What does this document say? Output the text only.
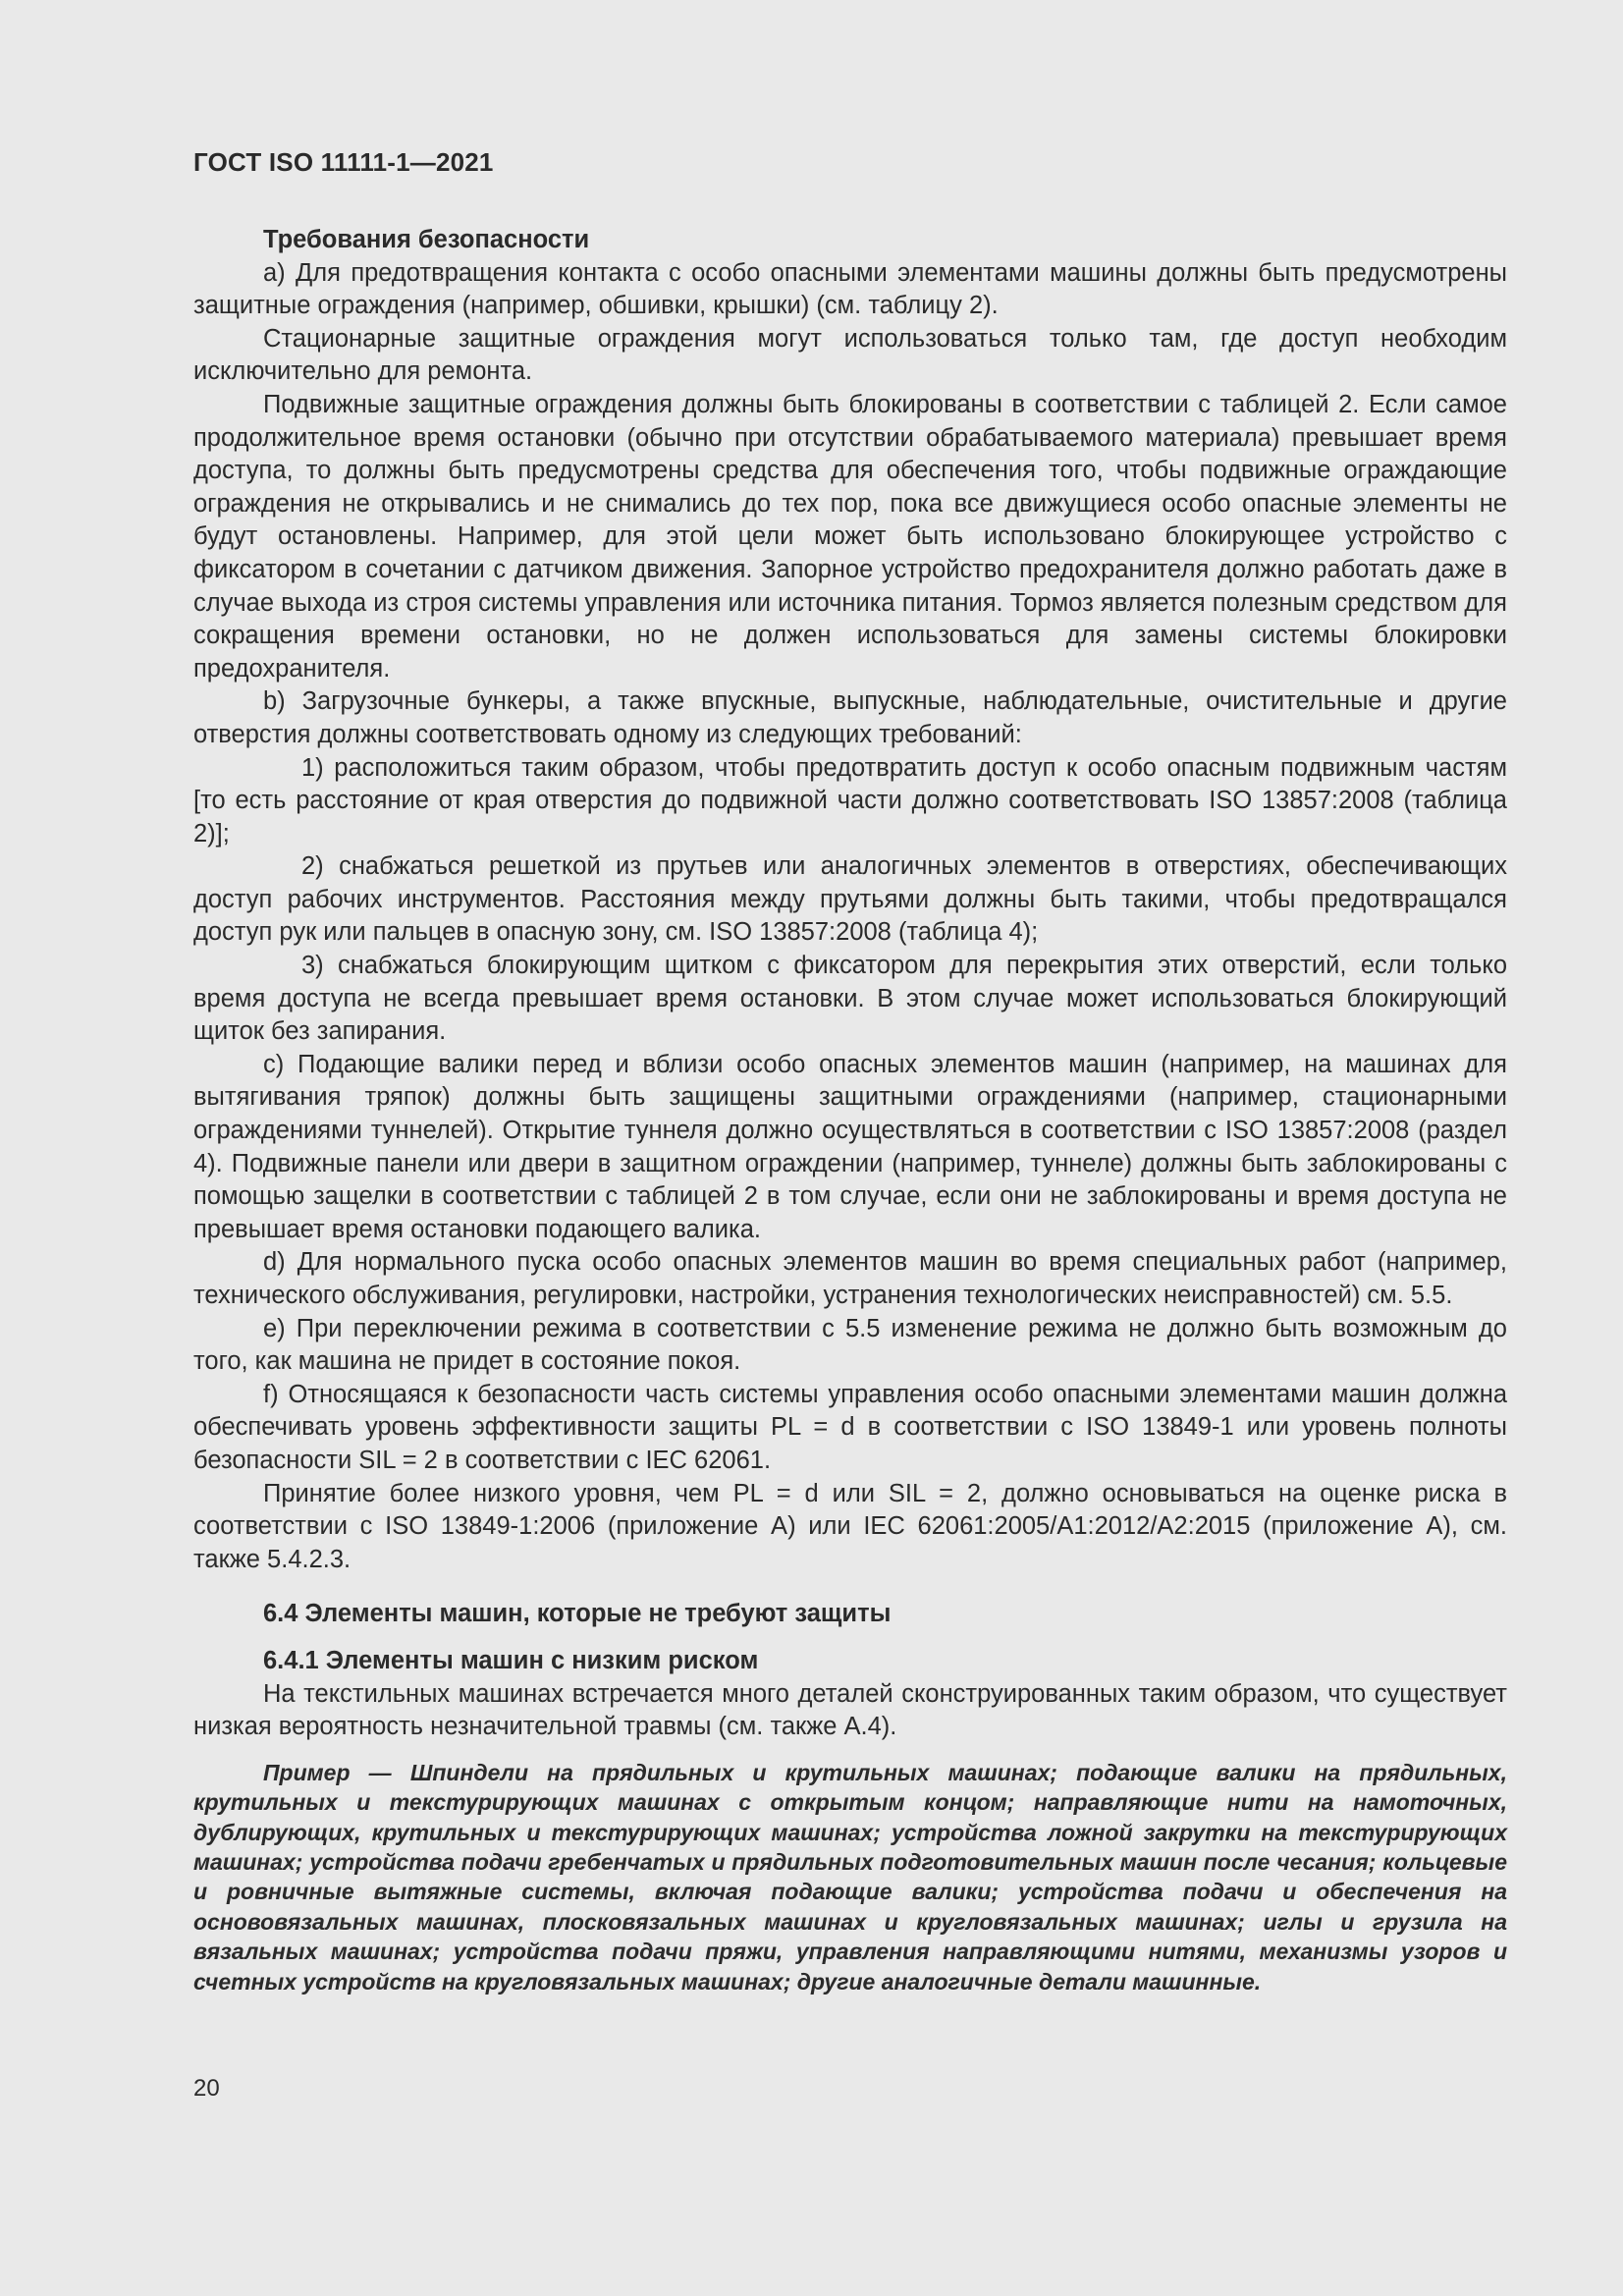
ГОСТ ISO 11111-1—2021

Требования безопасности

a) Для предотвращения контакта с особо опасными элементами машины должны быть предусмотрены защитные ограждения (например, обшивки, крышки) (см. таблицу 2).

Стационарные защитные ограждения могут использоваться только там, где доступ необходим исключительно для ремонта.

Подвижные защитные ограждения должны быть блокированы в соответствии с таблицей 2. Если самое продолжительное время остановки (обычно при отсутствии обрабатываемого материала) превышает время доступа, то должны быть предусмотрены средства для обеспечения того, чтобы подвижные ограждающие ограждения не открывались и не снимались до тех пор, пока все движущиеся особо опасные элементы не будут остановлены. Например, для этой цели может быть использовано блокирующее устройство с фиксатором в сочетании с датчиком движения. Запорное устройство предохранителя должно работать даже в случае выхода из строя системы управления или источника питания. Тормоз является полезным средством для сокращения времени остановки, но не должен использоваться для замены системы блокировки предохранителя.

b) Загрузочные бункеры, а также впускные, выпускные, наблюдательные, очистительные и другие отверстия должны соответствовать одному из следующих требований:

1) расположиться таким образом, чтобы предотвратить доступ к особо опасным подвижным частям [то есть расстояние от края отверстия до подвижной части должно соответствовать ISO 13857:2008 (таблица 2)];

2) снабжаться решеткой из прутьев или аналогичных элементов в отверстиях, обеспечивающих доступ рабочих инструментов. Расстояния между прутьями должны быть такими, чтобы предотвращался доступ рук или пальцев в опасную зону, см. ISO 13857:2008 (таблица 4);

3) снабжаться блокирующим щитком с фиксатором для перекрытия этих отверстий, если только время доступа не всегда превышает время остановки. В этом случае может использоваться блокирующий щиток без запирания.

c) Подающие валики перед и вблизи особо опасных элементов машин (например, на машинах для вытягивания тряпок) должны быть защищены защитными ограждениями (например, стационарными ограждениями туннелей). Открытие туннеля должно осуществляться в соответствии с ISO 13857:2008 (раздел 4). Подвижные панели или двери в защитном ограждении (например, туннеле) должны быть заблокированы с помощью защелки в соответствии с таблицей 2 в том случае, если они не заблокированы и время доступа не превышает время остановки подающего валика.

d) Для нормального пуска особо опасных элементов машин во время специальных работ (например, технического обслуживания, регулировки, настройки, устранения технологических неисправностей) см. 5.5.

e) При переключении режима в соответствии с 5.5 изменение режима не должно быть возможным до того, как машина не придет в состояние покоя.

f) Относящаяся к безопасности часть системы управления особо опасными элементами машин должна обеспечивать уровень эффективности защиты PL = d в соответствии с ISO 13849-1 или уровень полноты безопасности SIL = 2 в соответствии с IEC 62061.

Принятие более низкого уровня, чем PL = d или SIL = 2, должно основываться на оценке риска в соответствии с ISO 13849-1:2006 (приложение A) или IEC 62061:2005/A1:2012/A2:2015 (приложение A), см. также 5.4.2.3.

6.4 Элементы машин, которые не требуют защиты

6.4.1 Элементы машин с низким риском

На текстильных машинах встречается много деталей сконструированных таким образом, что существует низкая вероятность незначительной травмы (см. также A.4).

Пример — Шпиндели на прядильных и крутильных машинах; подающие валики на прядильных, крутильных и текстурирующих машинах с открытым концом; направляющие нити на намоточных, дублирующих, крутильных и текстурирующих машинах; устройства ложной закрутки на текстурирующих машинах; устройства подачи гребенчатых и прядильных подготовительных машин после чесания; кольцевые и ровничные вытяжные системы, включая подающие валики; устройства подачи и обеспечения на основовязальных машинах, плосковязальных машинах и кругловязальных машинах; иглы и грузила на вязальных машинах; устройства подачи пряжи, управления направляющими нитями, механизмы узоров и счетных устройств на кругловязальных машинах; другие аналогичные детали машинные.

20
